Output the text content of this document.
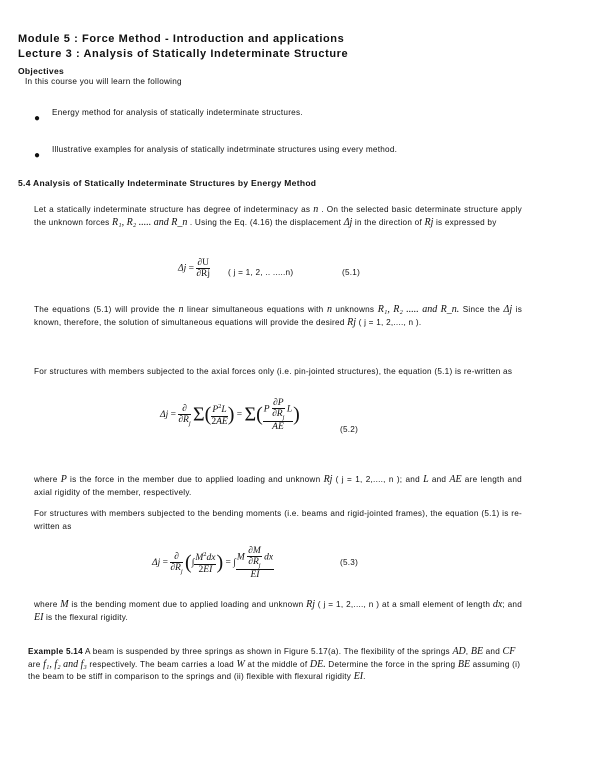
Module 5 : Force Method - Introduction and applications
Lecture 3 : Analysis of Statically Indeterminate Structure
Objectives
In this course you will learn the following
●
Energy method for analysis of statically indeterminate structures.
●
Illustrative examples for analysis of statically indetrminate structures using every method.
5.4 Analysis of Statically Indeterminate Structures by Energy Method
Let a statically indeterminate structure has degree of indeterminacy as n . On the selected basic determinate structure apply the unknown forces R₁, R₂ ..... and R_n . Using the Eq. (4.16) the displacement Δj in the direction of Rj is expressed by
$\Delta j = \frac{\partial U}{\partial Rj}$ ( j = 1, 2, .. .....n)	(5.1)
The equations (5.1) will provide the n linear simultaneous equations with n unknowns R₁, R₂ ..... and R_n. Since the Δj is known, therefore, the solution of simultaneous equations will provide the desired Rj ( j = 1, 2,...., n ).
For structures with members subjected to the axial forces only (i.e. pin-jointed structures), the equation (5.1) is re-written as
$\Delta j = \frac{\partial}{\partial R_j} \Sigma( \frac{P^2L}{2AE}$ ) = $\Sigma( \frac{P \frac{\partial P}{\partial R_j} L}{AE}$ )
(5.2)
where P is the force in the member due to applied loading and unknown Rj ( j = 1, 2,...., n ); and L and AE are length and axial rigidity of the member, respectively.
For structures with members subjected to the bending moments (i.e. beams and rigid-jointed frames), the equation (5.1) is re-written as
$\Delta j = \frac{\partial}{\partial R_j}$ (∫ $\frac{M^2dx}{2EI}$ ) = ∫ $\frac{M \frac{\partial M}{\partial R_j} dx}{EI}$	(5.3)
where M is the bending moment due to applied loading and unknown Rj ( j = 1, 2,...., n ) at a small element of length dx; and EI is the flexural rigidity.
Example 5.14 A beam is suspended by three springs as shown in Figure 5.17(a). The flexibility of the springs AD, BE and CF are f₁, f₂ and f₃ respectively. The beam carries a load W at the middle of DE. Determine the force in the spring BE assuming (i) the beam to be stiff in comparison to the springs and (ii) flexible with flexural rigidity EI.
